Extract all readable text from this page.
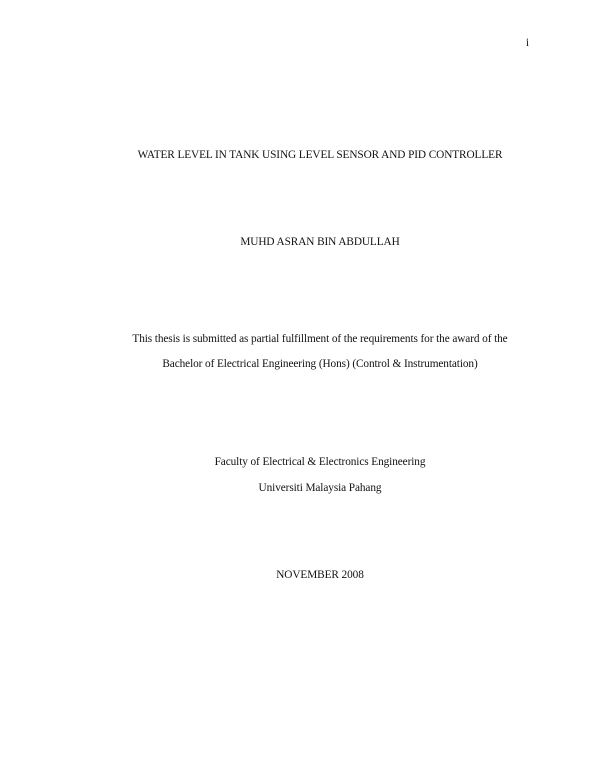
i
WATER LEVEL IN TANK USING LEVEL SENSOR AND PID CONTROLLER
MUHD ASRAN BIN ABDULLAH
This thesis is submitted as partial fulfillment of the requirements for the award of the
Bachelor of Electrical Engineering (Hons) (Control & Instrumentation)
Faculty of Electrical & Electronics Engineering
Universiti Malaysia Pahang
NOVEMBER 2008
